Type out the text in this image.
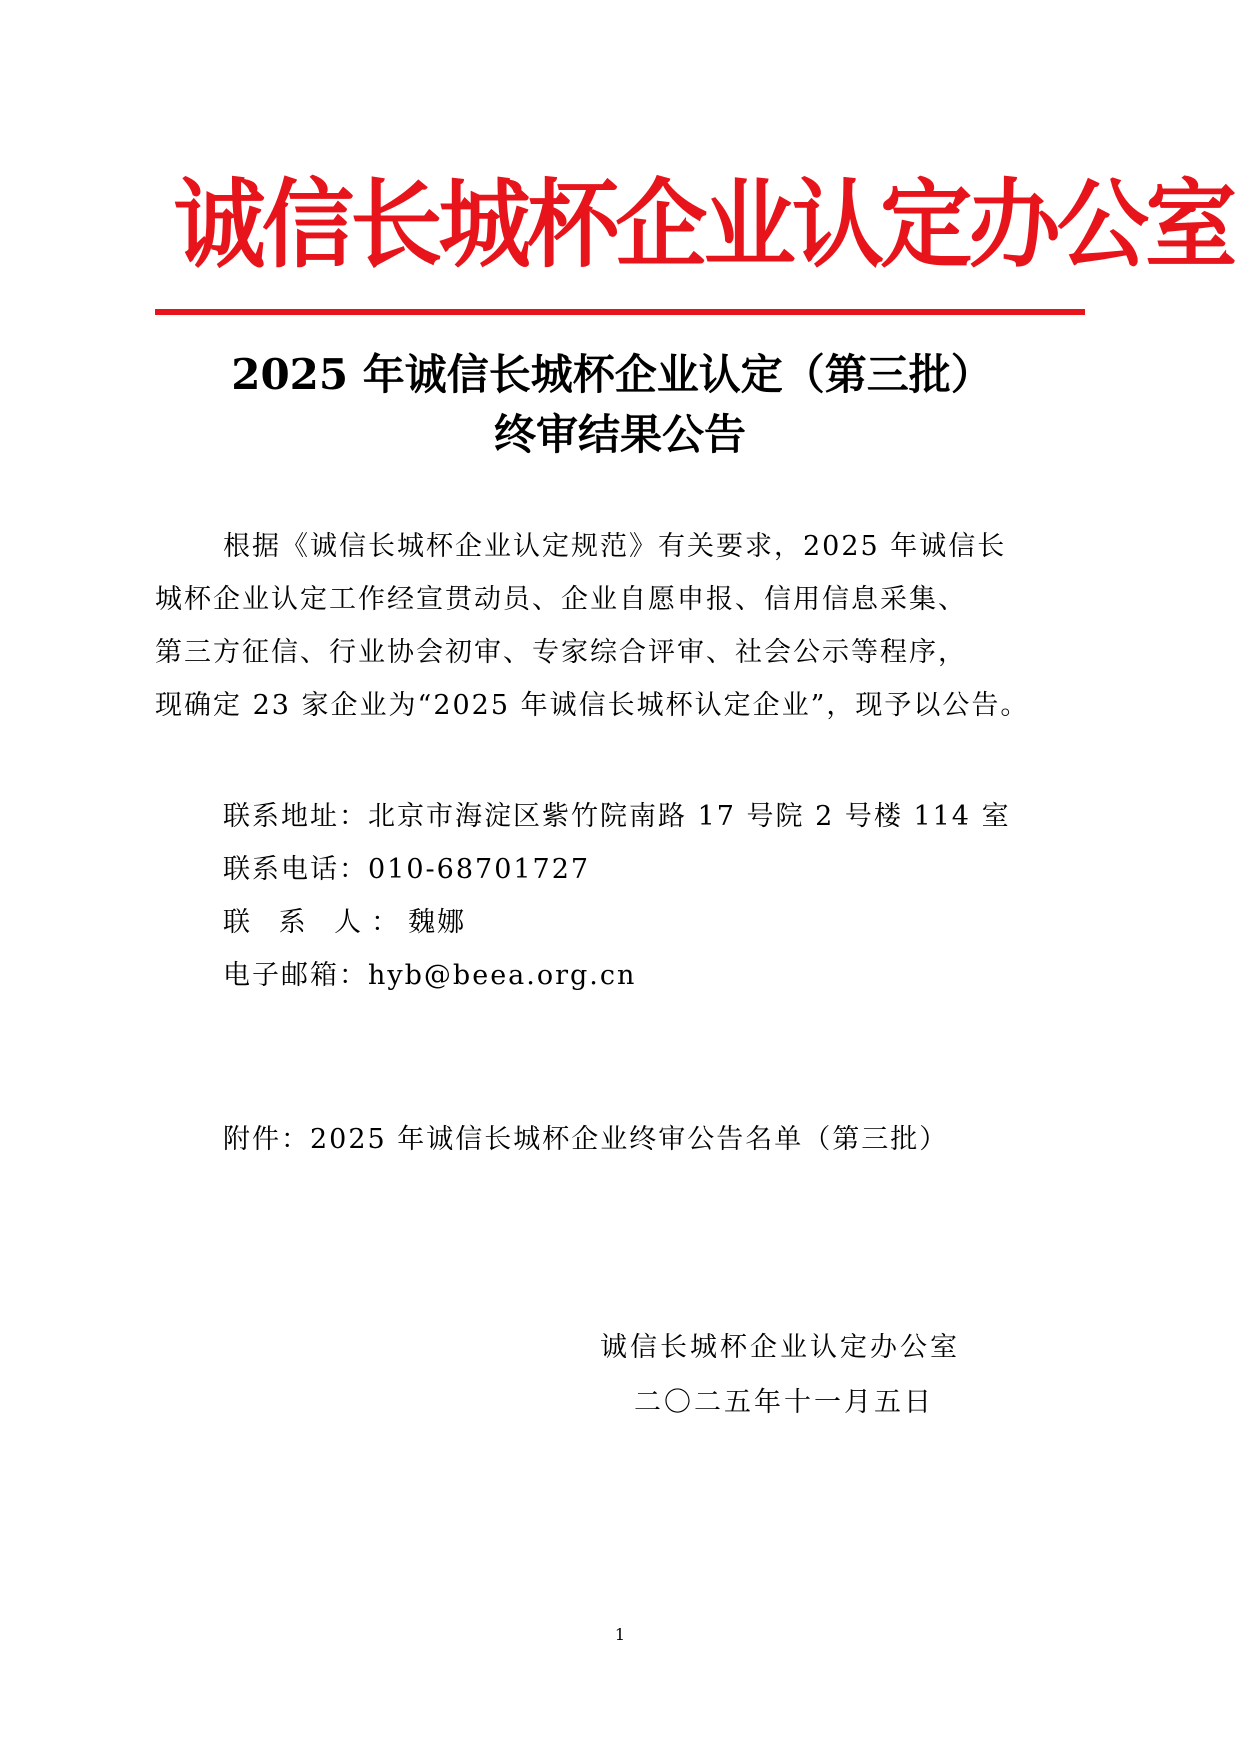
诚信长城杯企业认定办公室
2025 年诚信长城杯企业认定（第三批）
终审结果公告
根据《诚信长城杯企业认定规范》有关要求，2025 年诚信长
城杯企业认定工作经宣贯动员、企业自愿申报、信用信息采集、
第三方征信、行业协会初审、专家综合评审、社会公示等程序，
现确定 23 家企业为“2025 年诚信长城杯认定企业”，现予以公告。
联系地址：北京市海淀区紫竹院南路 17 号院 2 号楼 114 室
联系电话：010-68701727
联 系 人：魏娜
电子邮箱：hyb@beea.org.cn
附件：2025 年诚信长城杯企业终审公告名单（第三批）
诚信长城杯企业认定办公室
二〇二五年十一月五日
1
